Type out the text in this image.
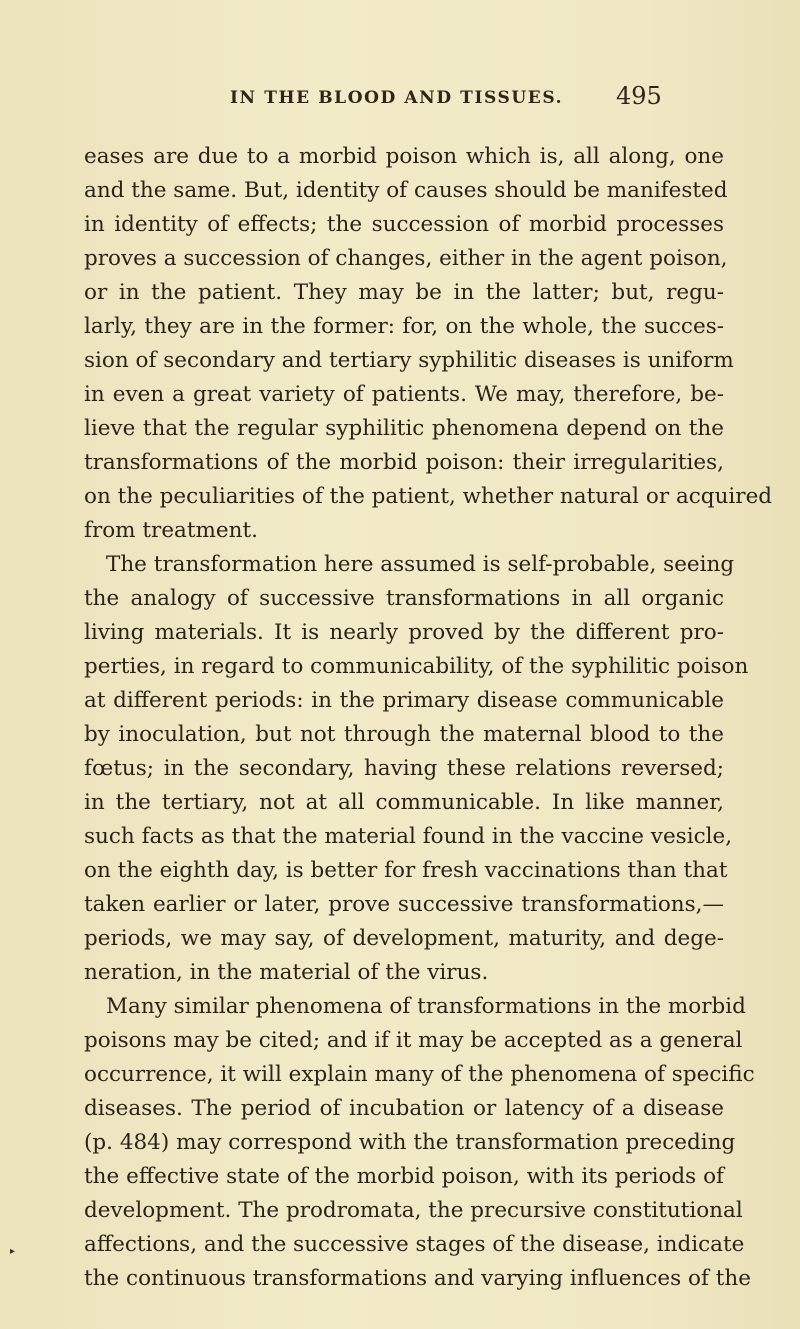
IN THE BLOOD AND TISSUES. 495
eases are due to a morbid poison which is, all along, one
and the same. But, identity of causes should be manifested
in identity of effects; the succession of morbid processes
proves a succession of changes, either in the agent poison,
or in the patient. They may be in the latter; but, regu-
larly, they are in the former: for, on the whole, the succes-
sion of secondary and tertiary syphilitic diseases is uniform
in even a great variety of patients. We may, therefore, be-
lieve that the regular syphilitic phenomena depend on the
transformations of the morbid poison: their irregularities,
on the peculiarities of the patient, whether natural or acquired
from treatment.
The transformation here assumed is self-probable, seeing
the analogy of successive transformations in all organic
living materials. It is nearly proved by the different pro-
perties, in regard to communicability, of the syphilitic poison
at different periods: in the primary disease communicable
by inoculation, but not through the maternal blood to the
fœtus; in the secondary, having these relations reversed;
in the tertiary, not at all communicable. In like manner,
such facts as that the material found in the vaccine vesicle,
on the eighth day, is better for fresh vaccinations than that
taken earlier or later, prove successive transformations,—
periods, we may say, of development, maturity, and dege-
neration, in the material of the virus.
Many similar phenomena of transformations in the morbid
poisons may be cited; and if it may be accepted as a general
occurrence, it will explain many of the phenomena of specific
diseases. The period of incubation or latency of a disease
(p. 484) may correspond with the transformation preceding
the effective state of the morbid poison, with its periods of
development. The prodromata, the precursive constitutional
affections, and the successive stages of the disease, indicate
the continuous transformations and varying influences of the
▸
